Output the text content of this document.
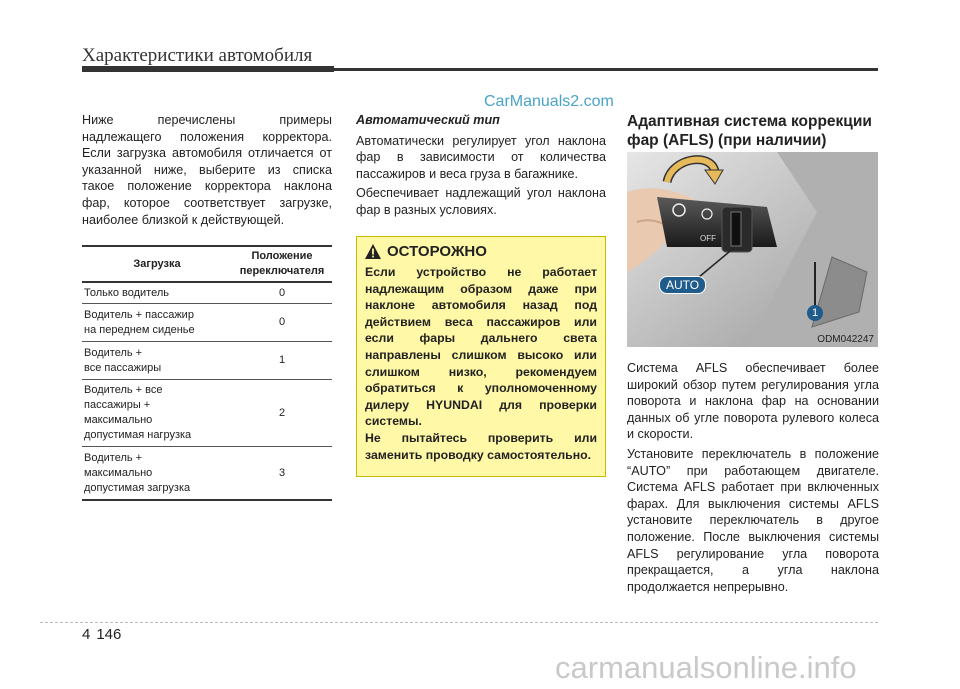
Характеристики автомобиля
CarManuals2.com

Ниже перечислены примеры надлежащего положения корректора. Если загрузка автомобиля отличается от указанной ниже, выберите из списка такое положение корректора наклона фар, которое соответствует загрузке, наиболее близкой к действующей.

Загрузка	Положение переключателя

Только водитель	0

Водитель + пассажир
на переднем сиденье	0

Водитель +
все пассажиры	1

Водитель + все
пассажиры +
максимально
допустимая нагрузка	2

Водитель +
максимально
допустимая загрузка	3

Автоматический тип

Автоматически регулирует угол наклона фар в зависимости от количества пассажиров и веса груза в багажнике.

Обеспечивает надлежащий угол наклона фар в разных условиях.

ОСТОРОЖНО

Если устройство не работает надлежащим образом даже при наклоне автомобиля назад под действием веса пассажиров или если фары дальнего света направлены слишком высоко или слишком низко, рекомендуем обратиться к уполномоченному дилеру HYUNDAI для проверки системы.

Не пытайтесь проверить или заменить проводку самостоятельно.

Адаптивная система коррекции фар (AFLS) (при наличии)

Система AFLS обеспечивает более широкий обзор путем регулирования угла поворота и наклона фар на основании данных об угле поворота рулевого колеса и скорости.

Установите переключатель в положение “AUTO” при работающем двигателе. Система AFLS работает при включенных фарах. Для выключения системы AFLS установите переключатель в другое положение. После выключения системы AFLS регулирование угла поворота прекращается, а угла наклона продолжается непрерывно.

OFF
AUTO
1
ODM042247
4 146
carmanualsonline.info
